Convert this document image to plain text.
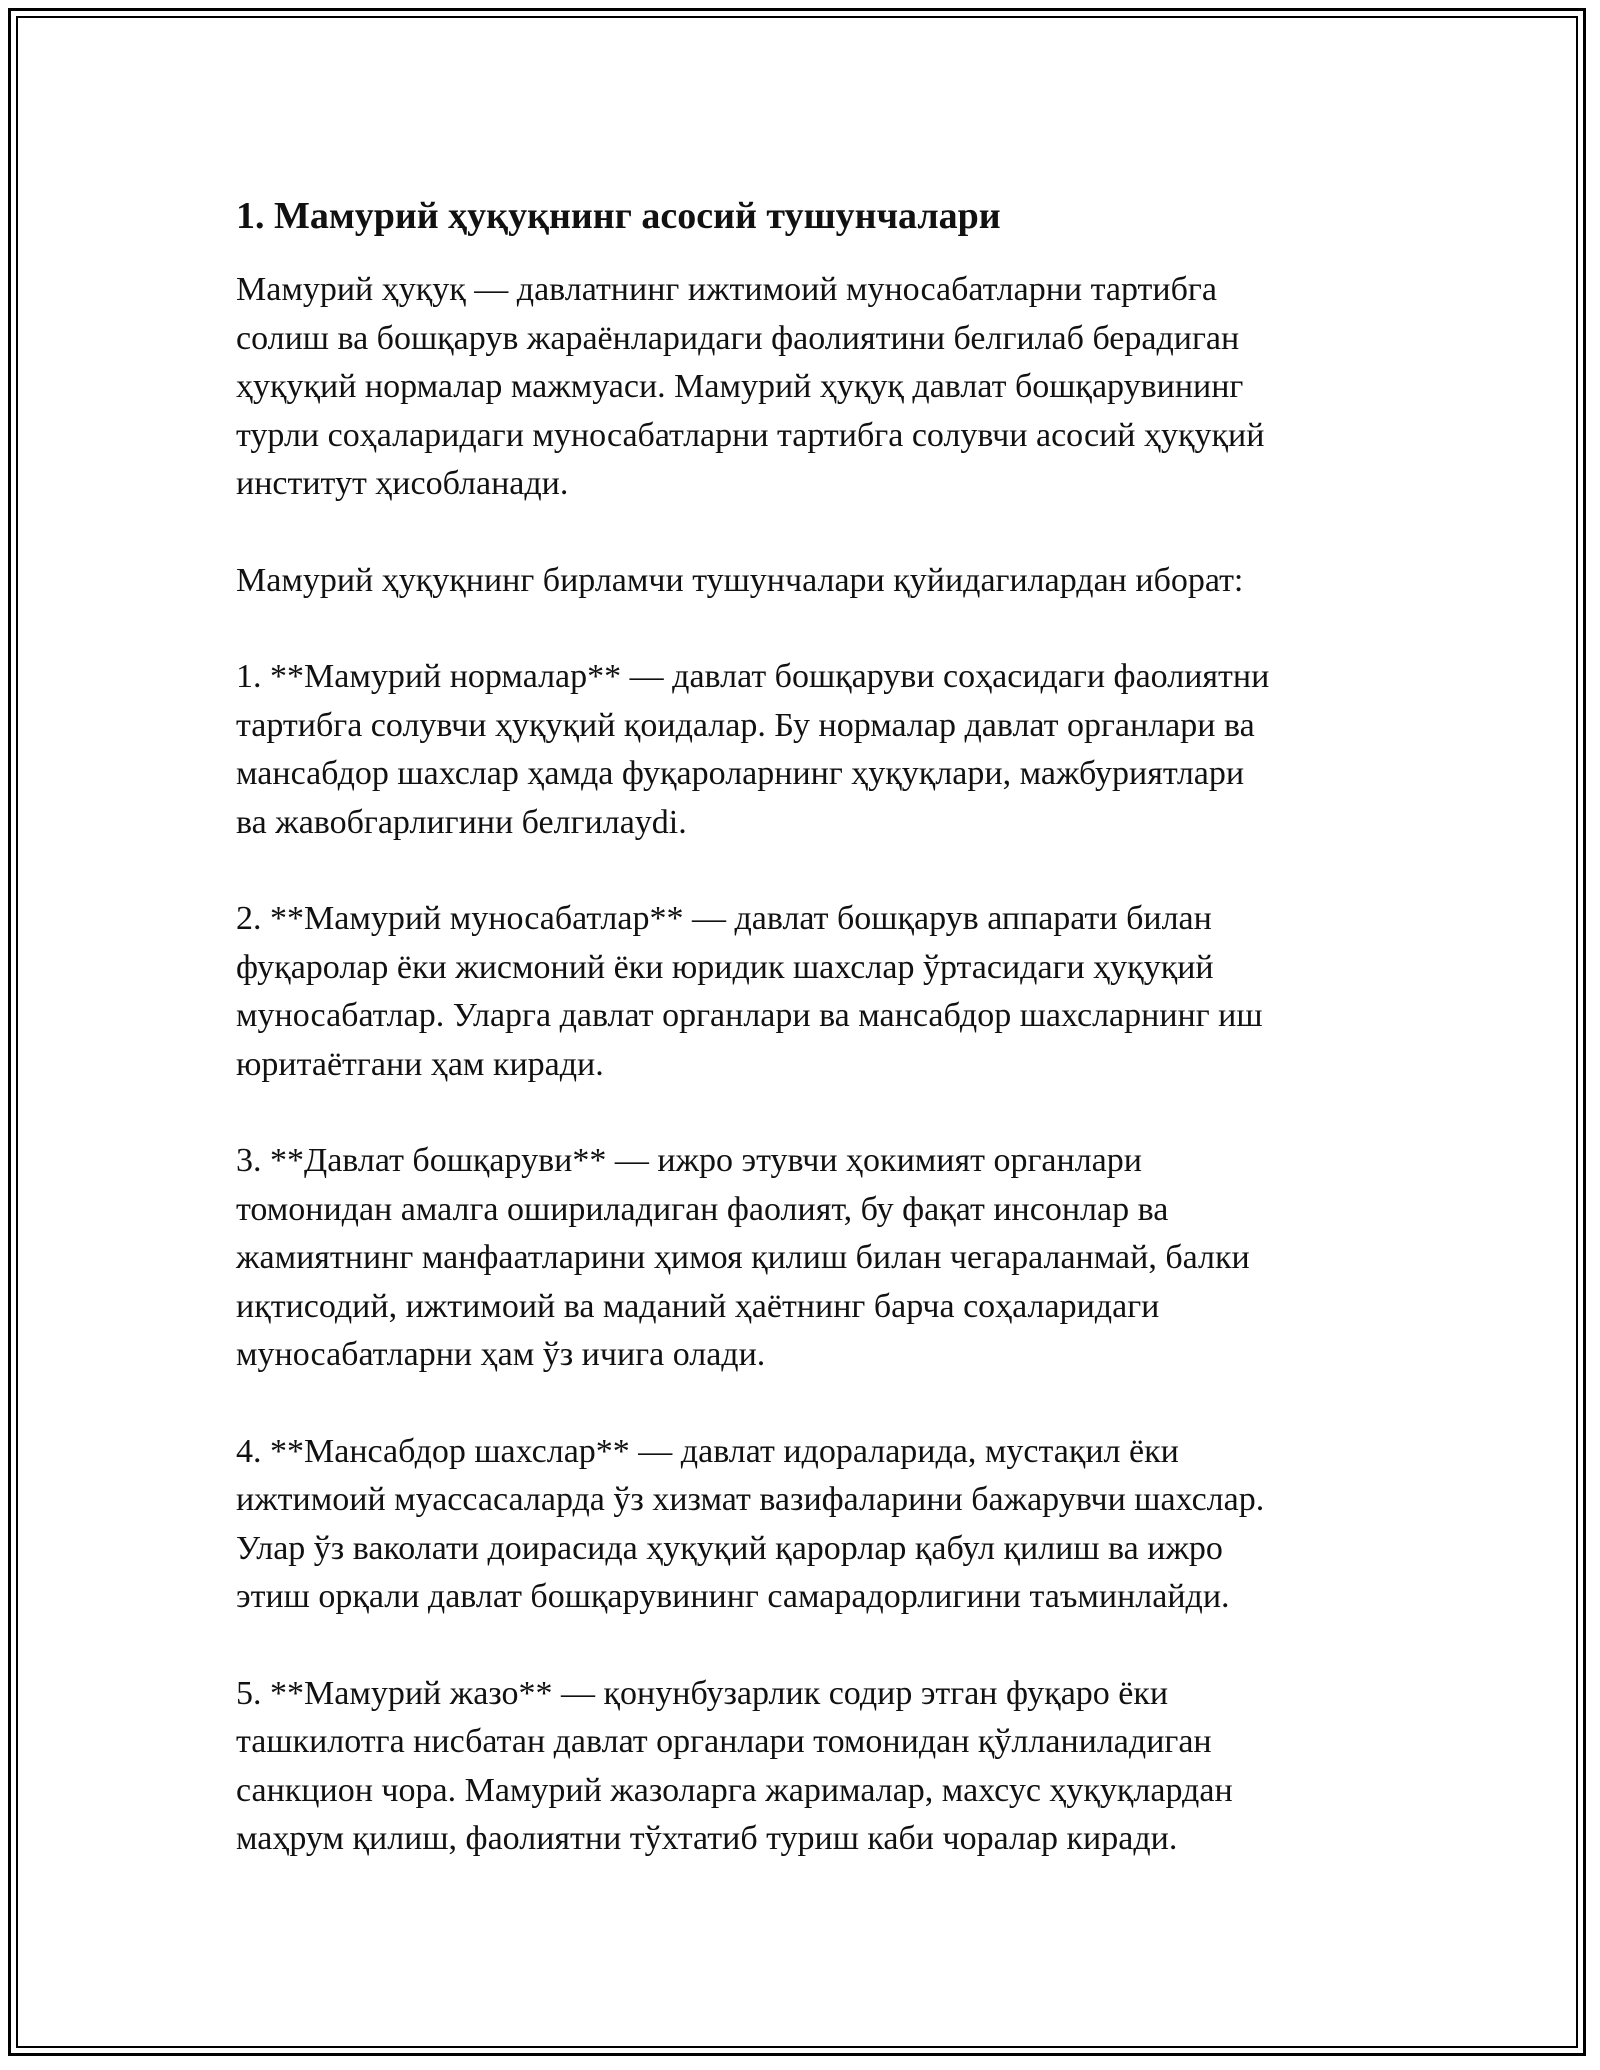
1. Мамурий ҳуқуқнинг асосий тушунчалари

Мамурий ҳуқуқ — давлатнинг ижтимоий муносабатларни тартибга
солиш ва бошқарув жараёнларидаги фаолиятини белгилаб берадиган
ҳуқуқий нормалар мажмуаси. Мамурий ҳуқуқ давлат бошқарувининг
турли соҳаларидаги муносабатларни тартибга солувчи асосий ҳуқуқий
институт ҳисобланади.

Мамурий ҳуқуқнинг бирламчи тушунчалари қуйидагилардан иборат:

1. **Мамурий нормалар** — давлат бошқаруви соҳасидаги фаолиятни
тартибга солувчи ҳуқуқий қоидалар. Бу нормалар давлат органлари ва
мансабдор шахслар ҳамда фуқароларнинг ҳуқуқлари, мажбуриятлари
ва жавобгарлигини белгилаydi.

2. **Мамурий муносабатлар** — давлат бошқарув аппарати билан
фуқаролар ёки жисмоний ёки юридик шахслар ўртасидаги ҳуқуқий
муносабатлар. Уларга давлат органлари ва мансабдор шахсларнинг иш
юритаётгани ҳам киради.

3. **Давлат бошқаруви** — ижро этувчи ҳокимият органлари
томонидан амалга ошириладиган фаолият, бу фақат инсонлар ва
жамиятнинг манфаатларини ҳимоя қилиш билан чегараланмай, балки
иқтисодий, ижтимоий ва маданий ҳаётнинг барча соҳаларидаги
муносабатларни ҳам ўз ичига олади.

4. **Мансабдор шахслар** — давлат идораларида, мустақил ёки
ижтимоий муассасаларда ўз хизмат вазифаларини бажарувчи шахслар.
Улар ўз ваколати доирасида ҳуқуқий қарорлар қабул қилиш ва ижро
этиш орқали давлат бошқарувининг самарадорлигини таъминлайди.

5. **Мамурий жазо** — қонунбузарлик содир этган фуқаро ёки
ташкилотга нисбатан давлат органлари томонидан қўлланиладиган
санкцион чора. Мамурий жазоларга жарималар, махсус ҳуқуқлардан
маҳрум қилиш, фаолиятни тўхтатиб туриш каби чоралар киради.
